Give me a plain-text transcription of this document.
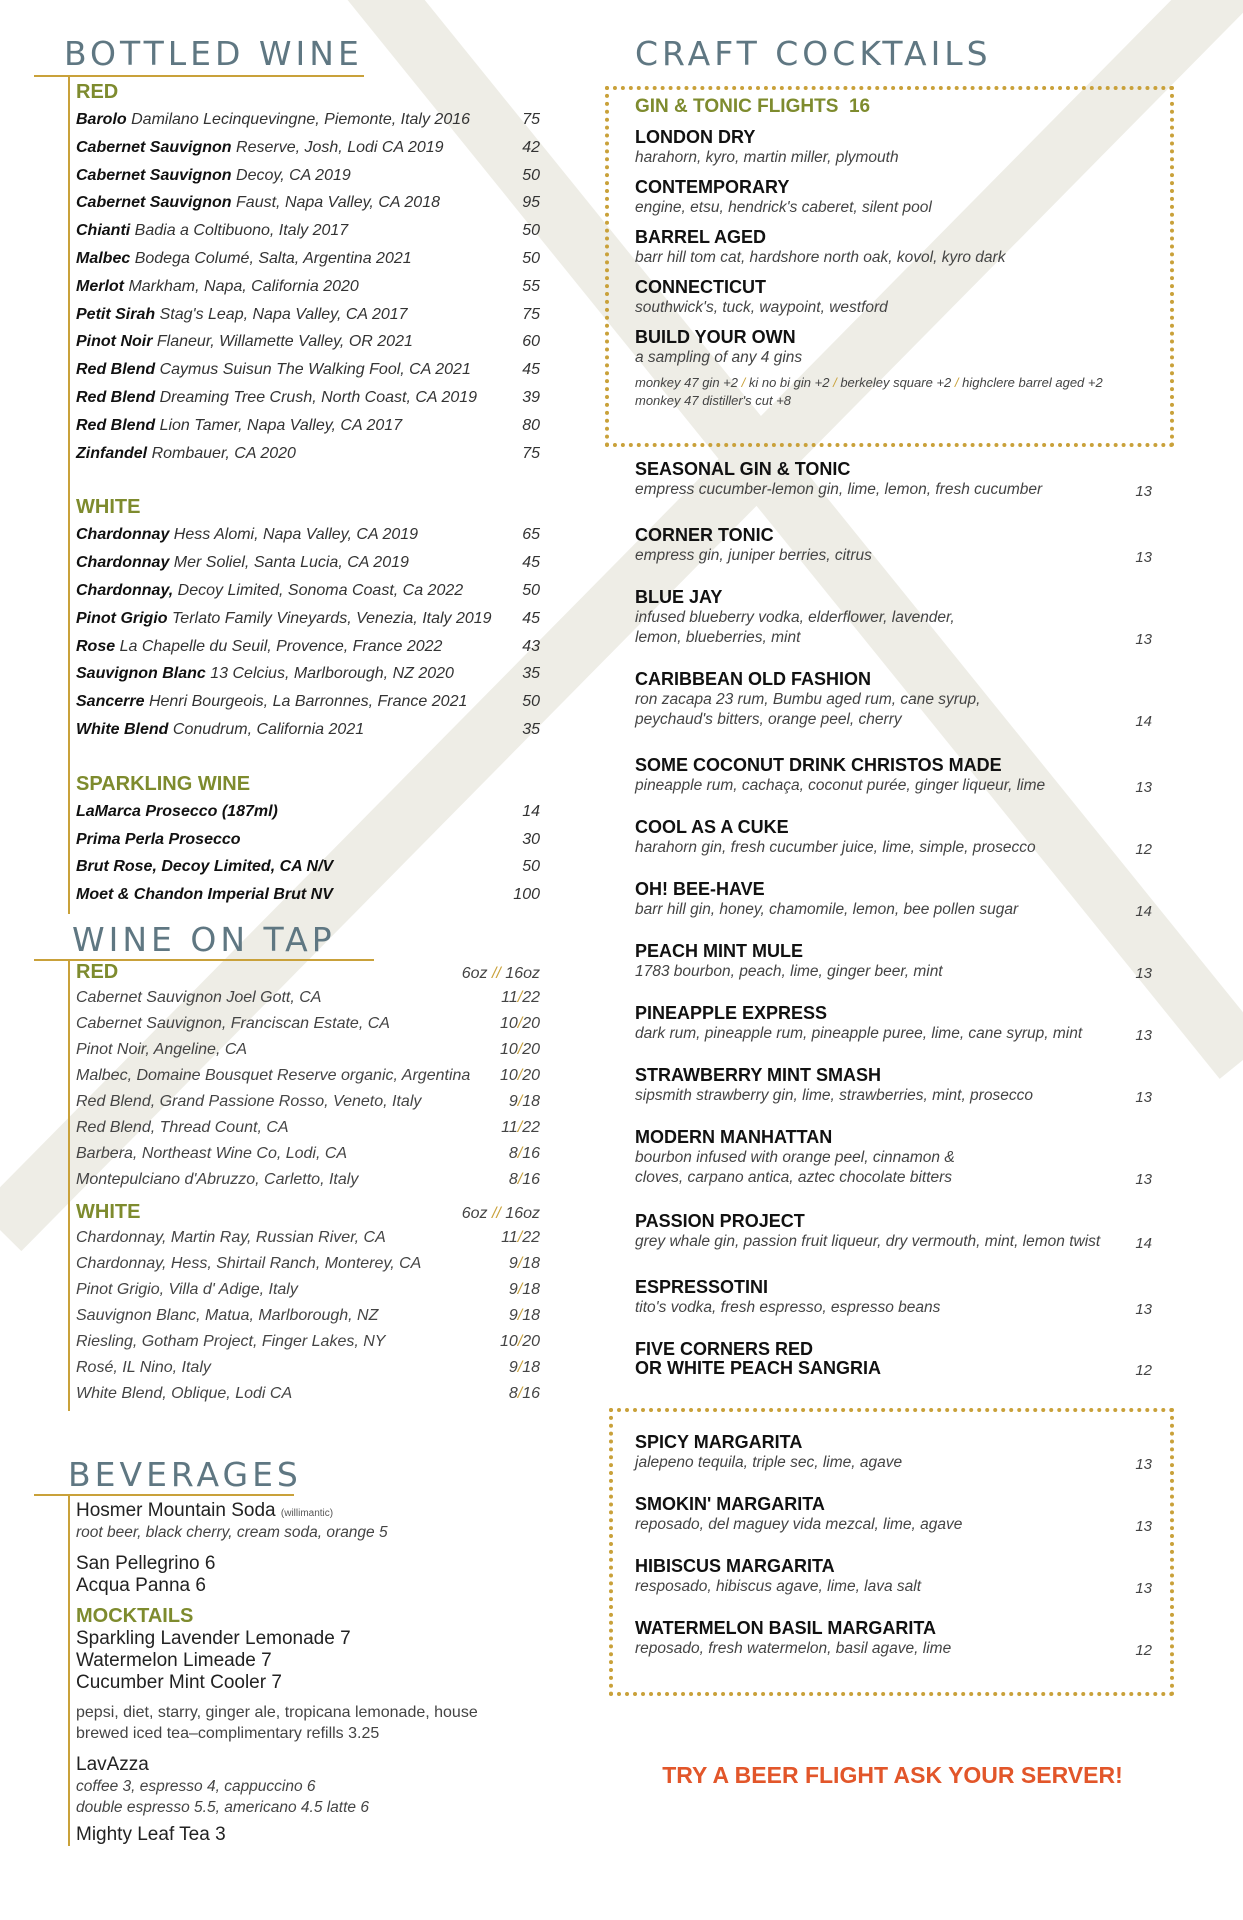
BOTTLED WINE
RED
Barolo Damilano Lecinquevingne, Piemonte, Italy 2016	75
Cabernet Sauvignon Reserve, Josh, Lodi CA 2019	42
Cabernet Sauvignon Decoy, CA 2019	50
Cabernet Sauvignon Faust, Napa Valley, CA 2018	95
Chianti Badia a Coltibuono, Italy 2017	50
Malbec Bodega Columé, Salta, Argentina 2021	50
Merlot Markham, Napa, California 2020	55
Petit Sirah Stag's Leap, Napa Valley, CA 2017	75
Pinot Noir Flaneur, Willamette Valley, OR 2021	60
Red Blend Caymus Suisun The Walking Fool, CA 2021	45
Red Blend Dreaming Tree Crush, North Coast, CA 2019	39
Red Blend Lion Tamer, Napa Valley, CA 2017	80
Zinfandel Rombauer, CA 2020	75
WHITE
Chardonnay Hess Alomi, Napa Valley, CA 2019	65
Chardonnay Mer Soliel, Santa Lucia, CA 2019	45
Chardonnay, Decoy Limited, Sonoma Coast, Ca 2022	50
Pinot Grigio Terlato Family Vineyards, Venezia, Italy 2019 45
Rose La Chapelle du Seuil, Provence, France 2022	43
Sauvignon Blanc 13 Celcius, Marlborough, NZ 2020	35
Sancerre Henri Bourgeois, La Barronnes, France 2021	50
White Blend Conudrum, California 2021	35
SPARKLING WINE
LaMarca Prosecco (187ml)	14
Prima Perla Prosecco	30
Brut Rose, Decoy Limited, CA N/V	50
Moet & Chandon Imperial Brut NV	100
WINE ON TAP
RED	6oz // 16oz
Cabernet Sauvignon Joel Gott, CA	11/22
Cabernet Sauvignon, Franciscan Estate, CA	10/20
Pinot Noir, Angeline, CA	10/20
Malbec, Domaine Bousquet Reserve organic, Argentina 10/20
Red Blend, Grand Passione Rosso, Veneto, Italy	9/18
Red Blend, Thread Count, CA	11/22
Barbera, Northeast Wine Co, Lodi, CA	8/16
Montepulciano d'Abruzzo, Carletto, Italy	8/16
WHITE	6oz // 16oz
Chardonnay, Martin Ray, Russian River, CA	11/22
Chardonnay, Hess, Shirtail Ranch, Monterey, CA	9/18
Pinot Grigio, Villa d' Adige, Italy	9/18
Sauvignon Blanc, Matua, Marlborough, NZ	9/18
Riesling, Gotham Project, Finger Lakes, NY	10/20
Rosé, IL Nino, Italy	9/18
White Blend, Oblique, Lodi CA	8/16
BEVERAGES
Hosmer Mountain Soda (willimantic)
root beer, black cherry, cream soda, orange 5
San Pellegrino 6
Acqua Panna 6
MOCKTAILS
Sparkling Lavender Lemonade 7
Watermelon Limeade 7
Cucumber Mint Cooler 7
pepsi, diet, starry, ginger ale, tropicana lemonade, house
brewed iced tea–complimentary refills 3.25
LavAzza
coffee 3, espresso 4, cappuccino 6
double espresso 5.5, americano 4.5 latte 6
Mighty Leaf Tea 3
CRAFT COCKTAILS
GIN & TONIC FLIGHTS 16
LONDON DRY
harahorn, kyro, martin miller, plymouth
CONTEMPORARY
engine, etsu, hendrick's caberet, silent pool
BARREL AGED
barr hill tom cat, hardshore north oak, kovol, kyro dark
CONNECTICUT
southwick's, tuck, waypoint, westford
BUILD YOUR OWN
a sampling of any 4 gins
monkey 47 gin +2 / ki no bi gin +2 / berkeley square +2 / highclere barrel aged +2
monkey 47 distiller's cut +8
SEASONAL GIN & TONIC
empress cucumber-lemon gin, lime, lemon, fresh cucumber	13
CORNER TONIC
empress gin, juniper berries, citrus	13
BLUE JAY
infused blueberry vodka, elderflower, lavender,
lemon, blueberries, mint	13
CARIBBEAN OLD FASHION
ron zacapa 23 rum, Bumbu aged rum, cane syrup,
peychaud's bitters, orange peel, cherry	14
SOME COCONUT DRINK CHRISTOS MADE
pineapple rum, cachaça, coconut purée, ginger liqueur, lime	13
COOL AS A CUKE
harahorn gin, fresh cucumber juice, lime, simple, prosecco	12
OH! BEE-HAVE
barr hill gin, honey, chamomile, lemon, bee pollen sugar	14
PEACH MINT MULE
1783 bourbon, peach, lime, ginger beer, mint	13
PINEAPPLE EXPRESS
dark rum, pineapple rum, pineapple puree, lime, cane syrup, mint	13
STRAWBERRY MINT SMASH
sipsmith strawberry gin, lime, strawberries, mint, prosecco	13
MODERN MANHATTAN
bourbon infused with orange peel, cinnamon &
cloves, carpano antica, aztec chocolate bitters	13
PASSION PROJECT
grey whale gin, passion fruit liqueur, dry vermouth, mint, lemon twist	14
ESPRESSOTINI
tito's vodka, fresh espresso, espresso beans	13
FIVE CORNERS RED
OR WHITE PEACH SANGRIA	12
SPICY MARGARITA
jalepeno tequila, triple sec, lime, agave	13
SMOKIN' MARGARITA
reposado, del maguey vida mezcal, lime, agave	13
HIBISCUS MARGARITA
resposado, hibiscus agave, lime, lava salt	13
WATERMELON BASIL MARGARITA
reposado, fresh watermelon, basil agave, lime	12
TRY A BEER FLIGHT ASK YOUR SERVER!
